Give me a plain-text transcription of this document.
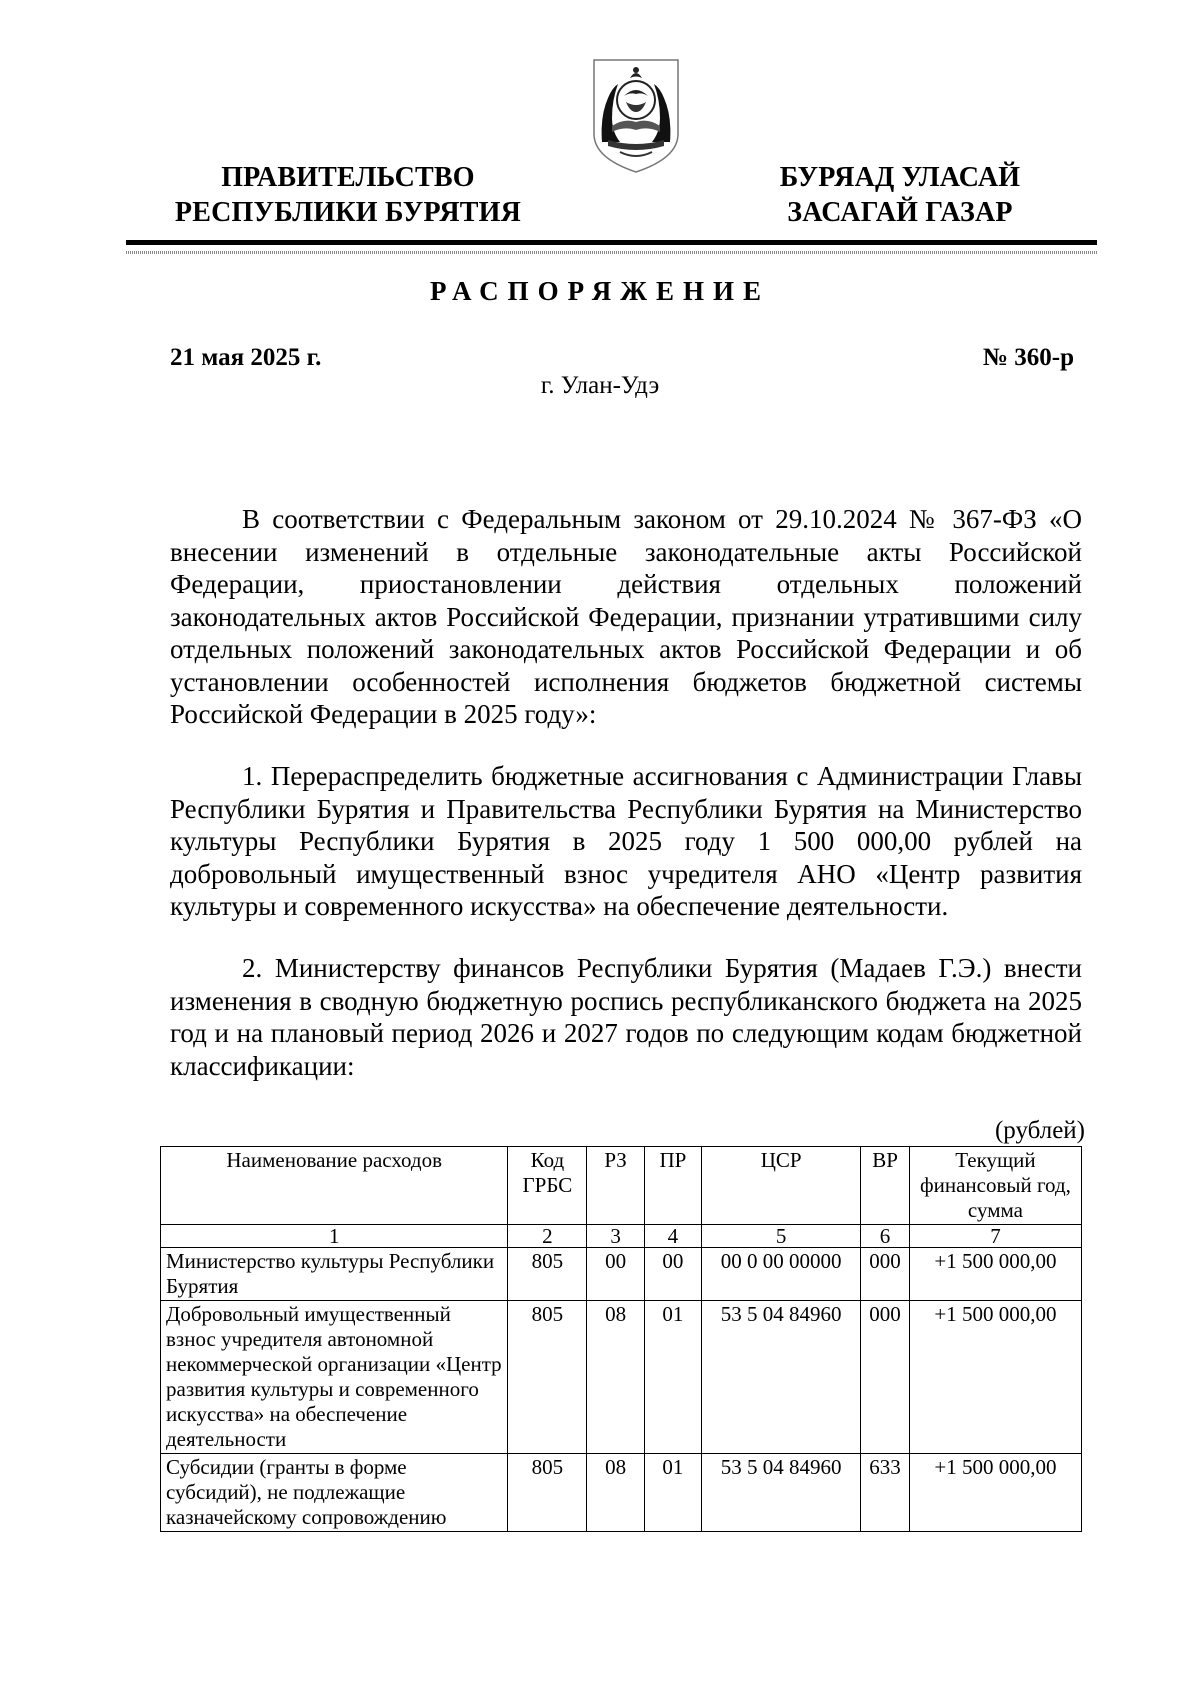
ПРАВИТЕЛЬСТВО
РЕСПУБЛИКИ БУРЯТИЯ
БУРЯАД УЛАСАЙ
ЗАСАГАЙ ГАЗАР
РАСПОРЯЖЕНИЕ
21 мая 2025 г.	№ 360-р
г. Улан-Удэ

В соответствии с Федеральным законом от 29.10.2024 № 367-ФЗ «О внесении изменений в отдельные законодательные акты Российской Федерации, приостановлении действия отдельных положений законодательных актов Российской Федерации, признании утратившими силу отдельных положений законодательных актов Российской Федерации и об установлении особенностей исполнения бюджетов бюджетной системы Российской Федерации в 2025 году»:

1. Перераспределить бюджетные ассигнования с Администрации Главы Республики Бурятия и Правительства Республики Бурятия на Министерство культуры Республики Бурятия в 2025 году 1 500 000,00 рублей на добровольный имущественный взнос учредителя АНО «Центр развития культуры и современного искусства» на обеспечение деятельности.

2. Министерству финансов Республики Бурятия (Мадаев Г.Э.) внести изменения в сводную бюджетную роспись республиканского бюджета на 2025 год и на плановый период 2026 и 2027 годов по следующим кодам бюджетной классификации:

(рублей)
Наименование расходов	Код ГРБС	РЗ	ПР	ЦСР	ВР	Текущий финансовый год, сумма
1	2	3	4	5	6	7
Министерство культуры Республики Бурятия	805	00	00	00 0 00 00000	000	+1 500 000,00
Добровольный имущественный взнос учредителя автономной некоммерческой организации «Центр развития культуры и современного искусства» на обеспечение деятельности	805	08	01	53 5 04 84960	000	+1 500 000,00
Субсидии (гранты в форме субсидий), не подлежащие казначейскому сопровождению	805	08	01	53 5 04 84960	633	+1 500 000,00
